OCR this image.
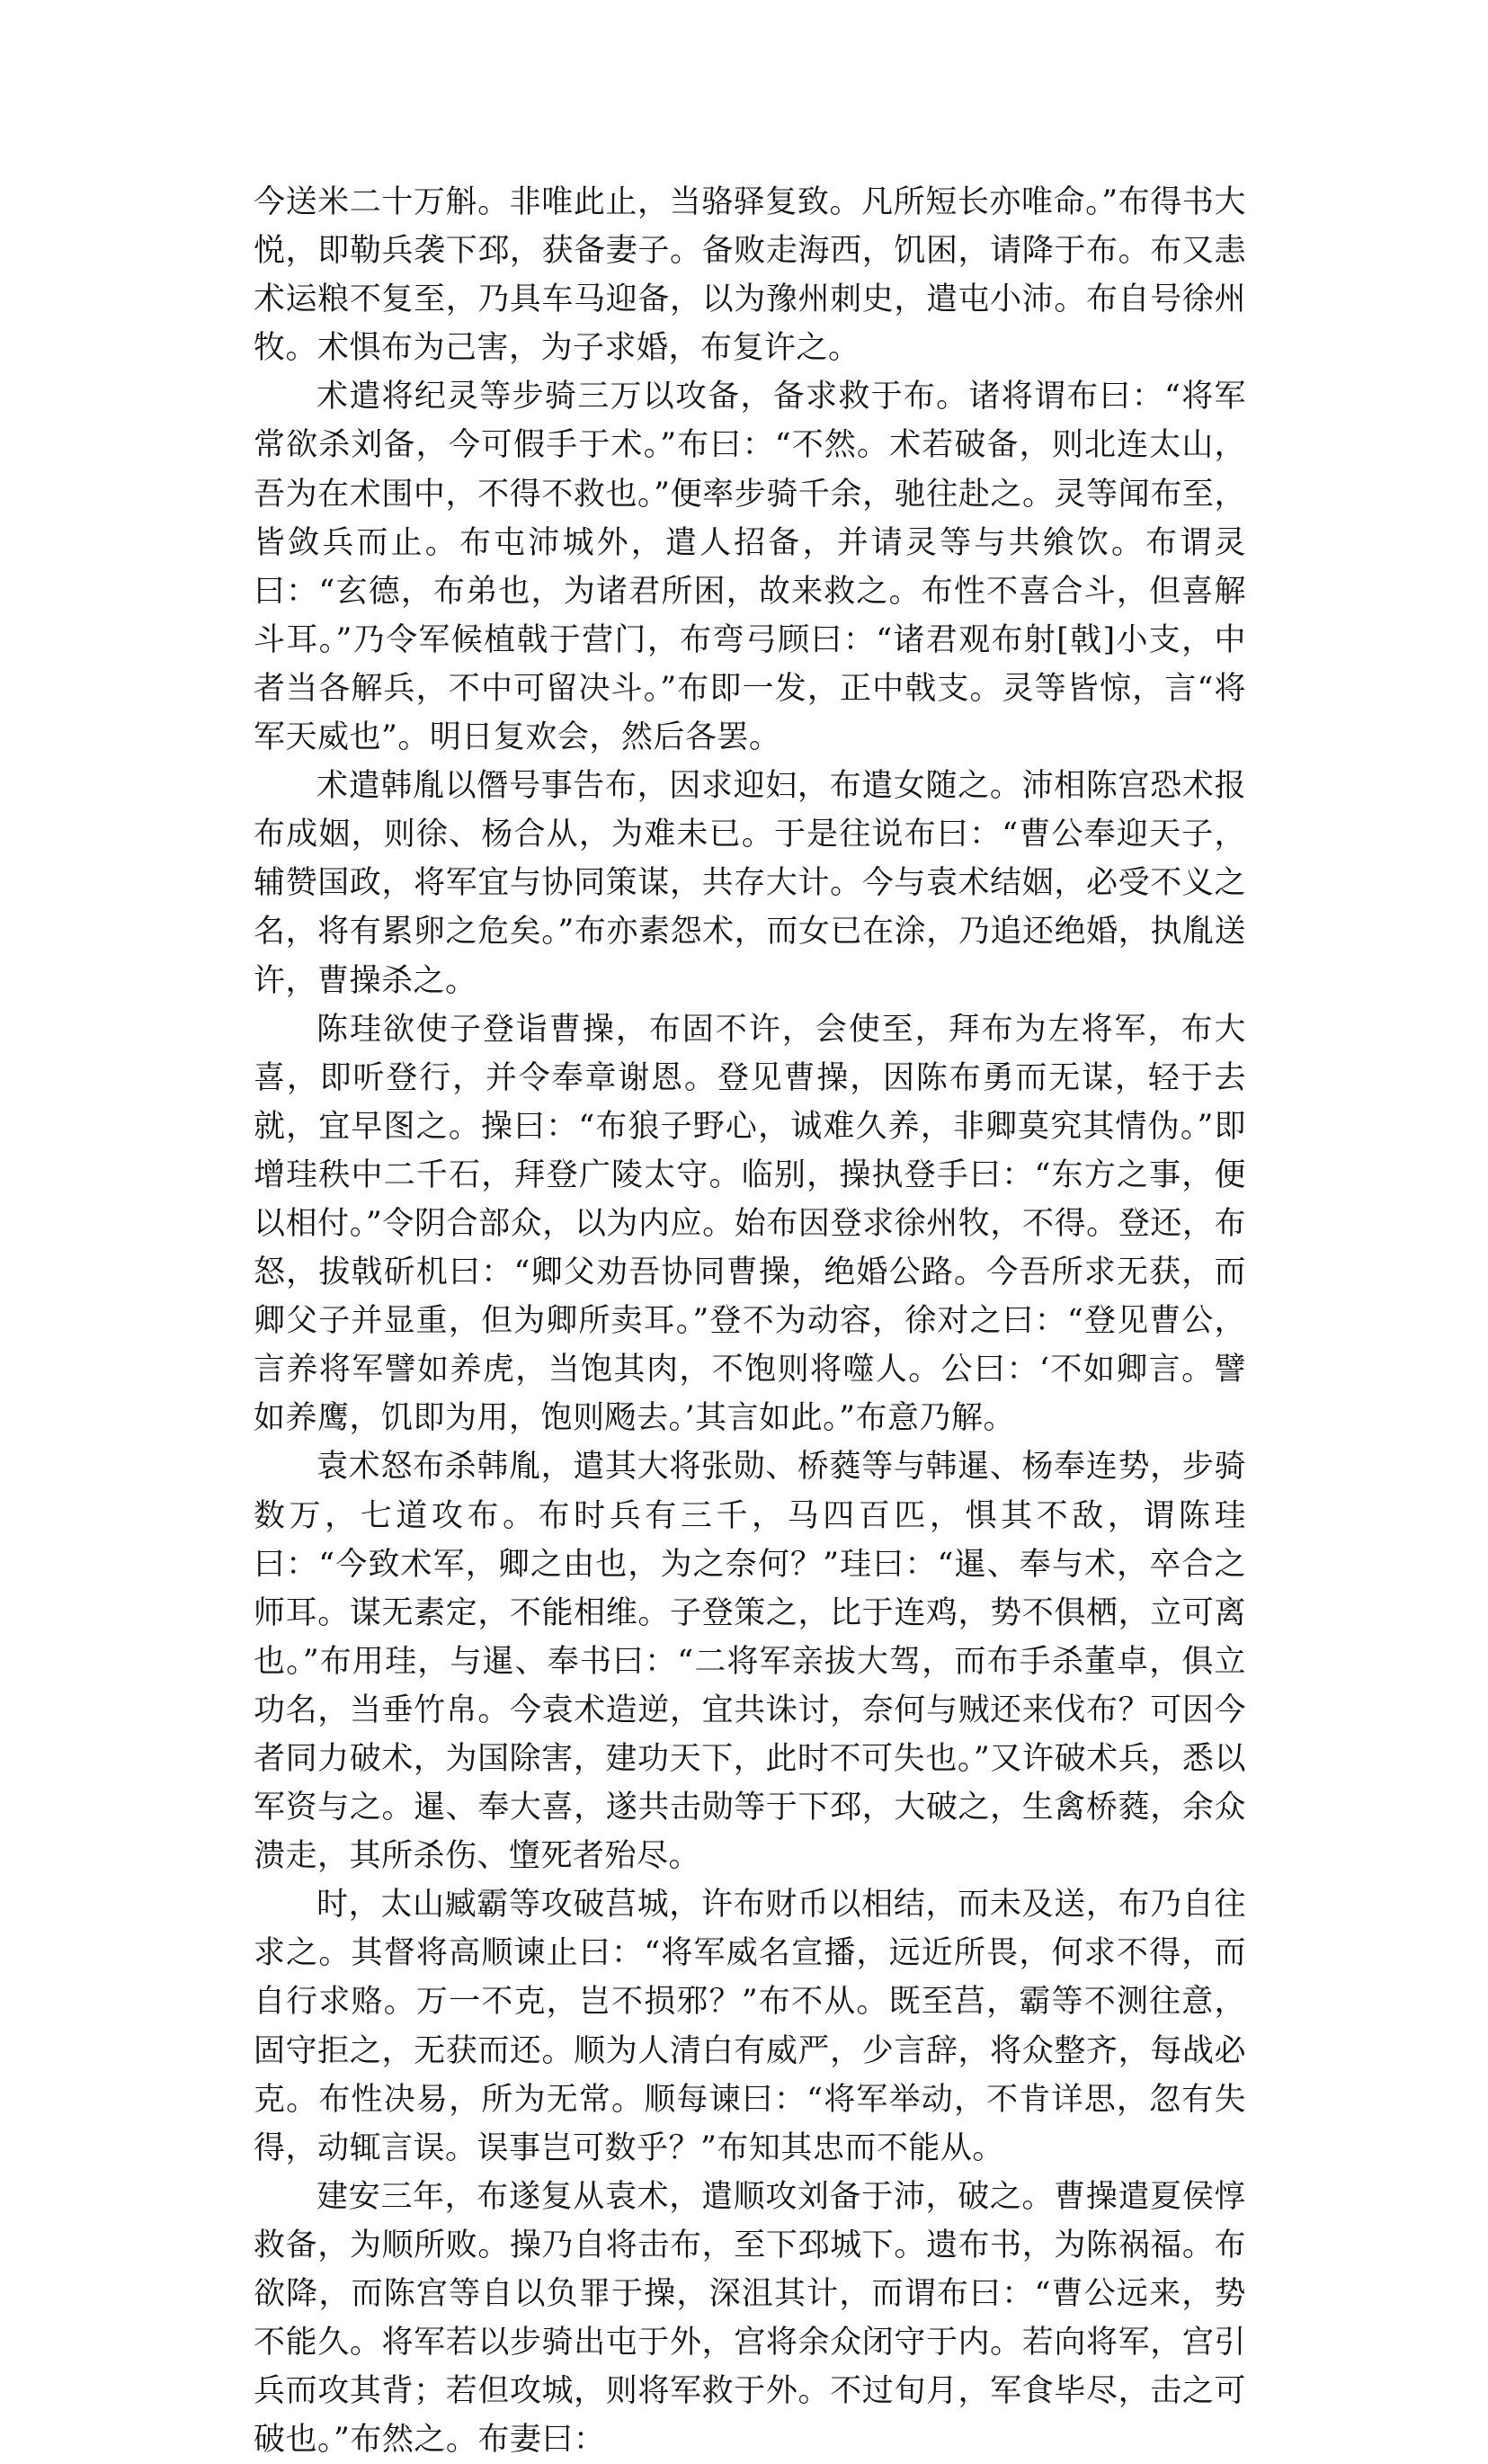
今送米二十万斛。非唯此止，当骆驿复致。凡所短长亦唯命。”布得书大悦，即勒兵袭下邳，获备妻子。备败走海西，饥困，请降于布。布又恚术运粮不复至，乃具车马迎备，以为豫州刺史，遣屯小沛。布自号徐州牧。术惧布为己害，为子求婚，布复许之。

术遣将纪灵等步骑三万以攻备，备求救于布。诸将谓布曰：“将军常欲杀刘备，今可假手于术。”布曰：“不然。术若破备，则北连太山，吾为在术围中，不得不救也。”便率步骑千余，驰往赴之。灵等闻布至，皆敛兵而止。布屯沛城外，遣人招备，并请灵等与共飨饮。布谓灵曰：“玄德，布弟也，为诸君所困，故来救之。布性不喜合斗，但喜解斗耳。”乃令军候植戟于营门，布弯弓顾曰：“诸君观布射[戟]小支，中者当各解兵，不中可留决斗。”布即一发，正中戟支。灵等皆惊，言“将军天威也”。明日复欢会，然后各罢。

术遣韩胤以僭号事告布，因求迎妇，布遣女随之。沛相陈宫恐术报布成姻，则徐、杨合从，为难未已。于是往说布曰：“曹公奉迎天子，辅赞国政，将军宜与协同策谋，共存大计。今与袁术结姻，必受不义之名，将有累卵之危矣。”布亦素怨术，而女已在涂，乃追还绝婚，执胤送许，曹操杀之。

陈珪欲使子登诣曹操，布固不许，会使至，拜布为左将军，布大喜，即听登行，并令奉章谢恩。登见曹操，因陈布勇而无谋，轻于去就，宜早图之。操曰：“布狼子野心，诚难久养，非卿莫究其情伪。”即增珪秩中二千石，拜登广陵太守。临别，操执登手曰：“东方之事，便以相付。”令阴合部众，以为内应。始布因登求徐州牧，不得。登还，布怒，拔戟斫机曰：“卿父劝吾协同曹操，绝婚公路。今吾所求无获，而卿父子并显重，但为卿所卖耳。”登不为动容，徐对之曰：“登见曹公，言养将军譬如养虎，当饱其肉，不饱则将噬人。公曰：‘不如卿言。譬如养鹰，饥即为用，饱则飏去。’其言如此。”布意乃解。

袁术怒布杀韩胤，遣其大将张勋、桥蕤等与韩暹、杨奉连势，步骑数万，七道攻布。布时兵有三千，马四百匹，惧其不敌，谓陈珪曰：“今致术军，卿之由也，为之奈何？”珪曰：“暹、奉与术，卒合之师耳。谋无素定，不能相维。子登策之，比于连鸡，势不俱栖，立可离也。”布用珪，与暹、奉书曰：“二将军亲拔大驾，而布手杀董卓，俱立功名，当垂竹帛。今袁术造逆，宜共诛讨，奈何与贼还来伐布？可因今者同力破术，为国除害，建功天下，此时不可失也。”又许破术兵，悉以军资与之。暹、奉大喜，遂共击勋等于下邳，大破之，生禽桥蕤，余众溃走，其所杀伤、墯死者殆尽。

时，太山臧霸等攻破莒城，许布财币以相结，而未及送，布乃自往求之。其督将高顺谏止曰：“将军威名宣播，远近所畏，何求不得，而自行求赂。万一不克，岂不损邪？”布不从。既至莒，霸等不测往意，固守拒之，无获而还。顺为人清白有威严，少言辞，将众整齐，每战必克。布性决易，所为无常。顺每谏曰：“将军举动，不肯详思，忽有失得，动辄言误。误事岂可数乎？”布知其忠而不能从。

建安三年，布遂复从袁术，遣顺攻刘备于沛，破之。曹操遣夏侯惇救备，为顺所败。操乃自将击布，至下邳城下。遗布书，为陈祸福。布欲降，而陈宫等自以负罪于操，深沮其计，而谓布曰：“曹公远来，势不能久。将军若以步骑出屯于外，宫将余众闭守于内。若向将军，宫引兵而攻其背；若但攻城，则将军救于外。不过旬月，军食毕尽，击之可破也。”布然之。布妻曰：
